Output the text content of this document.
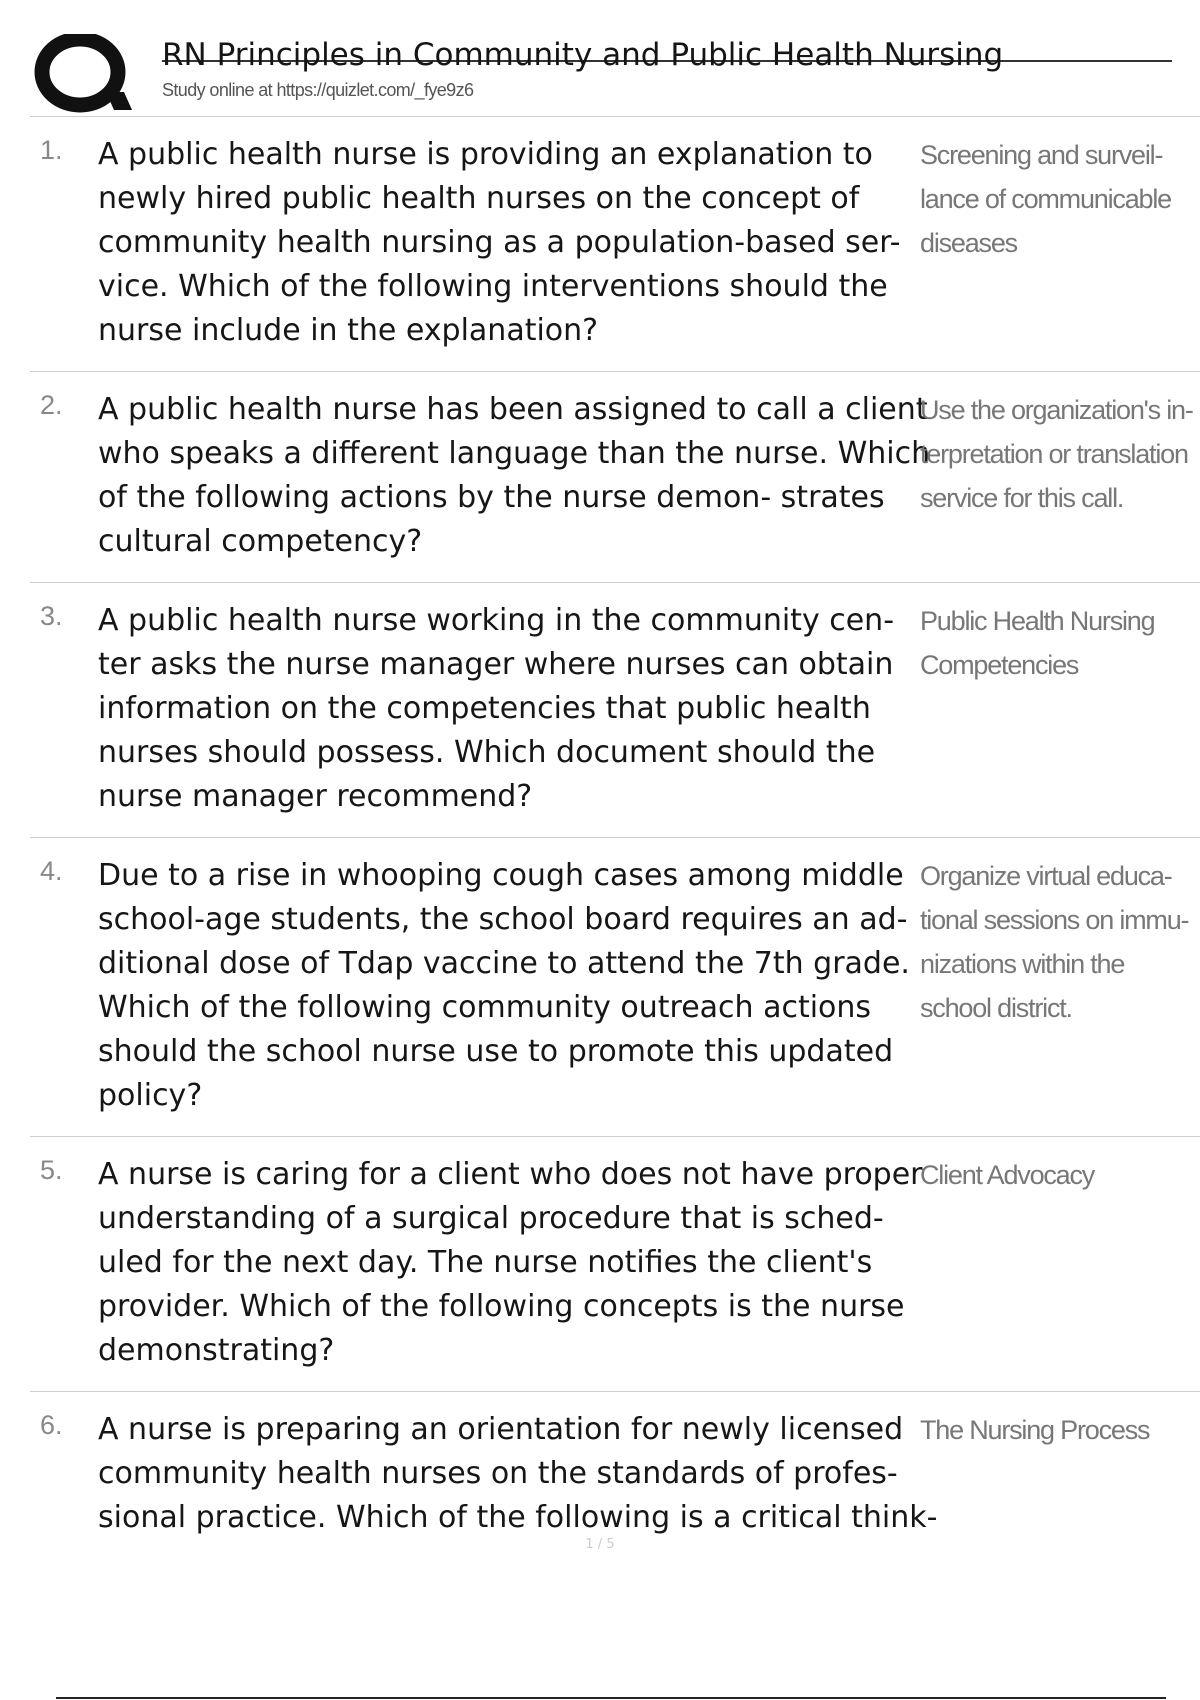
RN Principles in Community and Public Health Nursing
Study online at https://quizlet.com/_fye9z6
1. A public health nurse is providing an explanation to newly hired public health nurses on the concept of community health nursing as a population-based ser- vice. Which of the following interventions should the nurse include in the explanation?
Screening and surveil- lance of communicable diseases
2. A public health nurse has been assigned to call a client who speaks a different language than the nurse. Which of the following actions by the nurse demon- strates cultural competency?
Use the organization's in- terpretation or translation service for this call.
3. A public health nurse working in the community cen- ter asks the nurse manager where nurses can obtain information on the competencies that public health nurses should possess. Which document should the nurse manager recommend?
Public Health Nursing Competencies
4. Due to a rise in whooping cough cases among middle school-age students, the school board requires an ad- ditional dose of Tdap vaccine to attend the 7th grade. Which of the following community outreach actions should the school nurse use to promote this updated policy?
Organize virtual educa- tional sessions on immu- nizations within the school district.
5. A nurse is caring for a client who does not have proper understanding of a surgical procedure that is sched- uled for the next day. The nurse notifies the client's provider. Which of the following concepts is the nurse demonstrating?
Client Advocacy
6. A nurse is preparing an orientation for newly licensed community health nurses on the standards of profes- sional practice. Which of the following is a critical think-
The Nursing Process
1 / 5
